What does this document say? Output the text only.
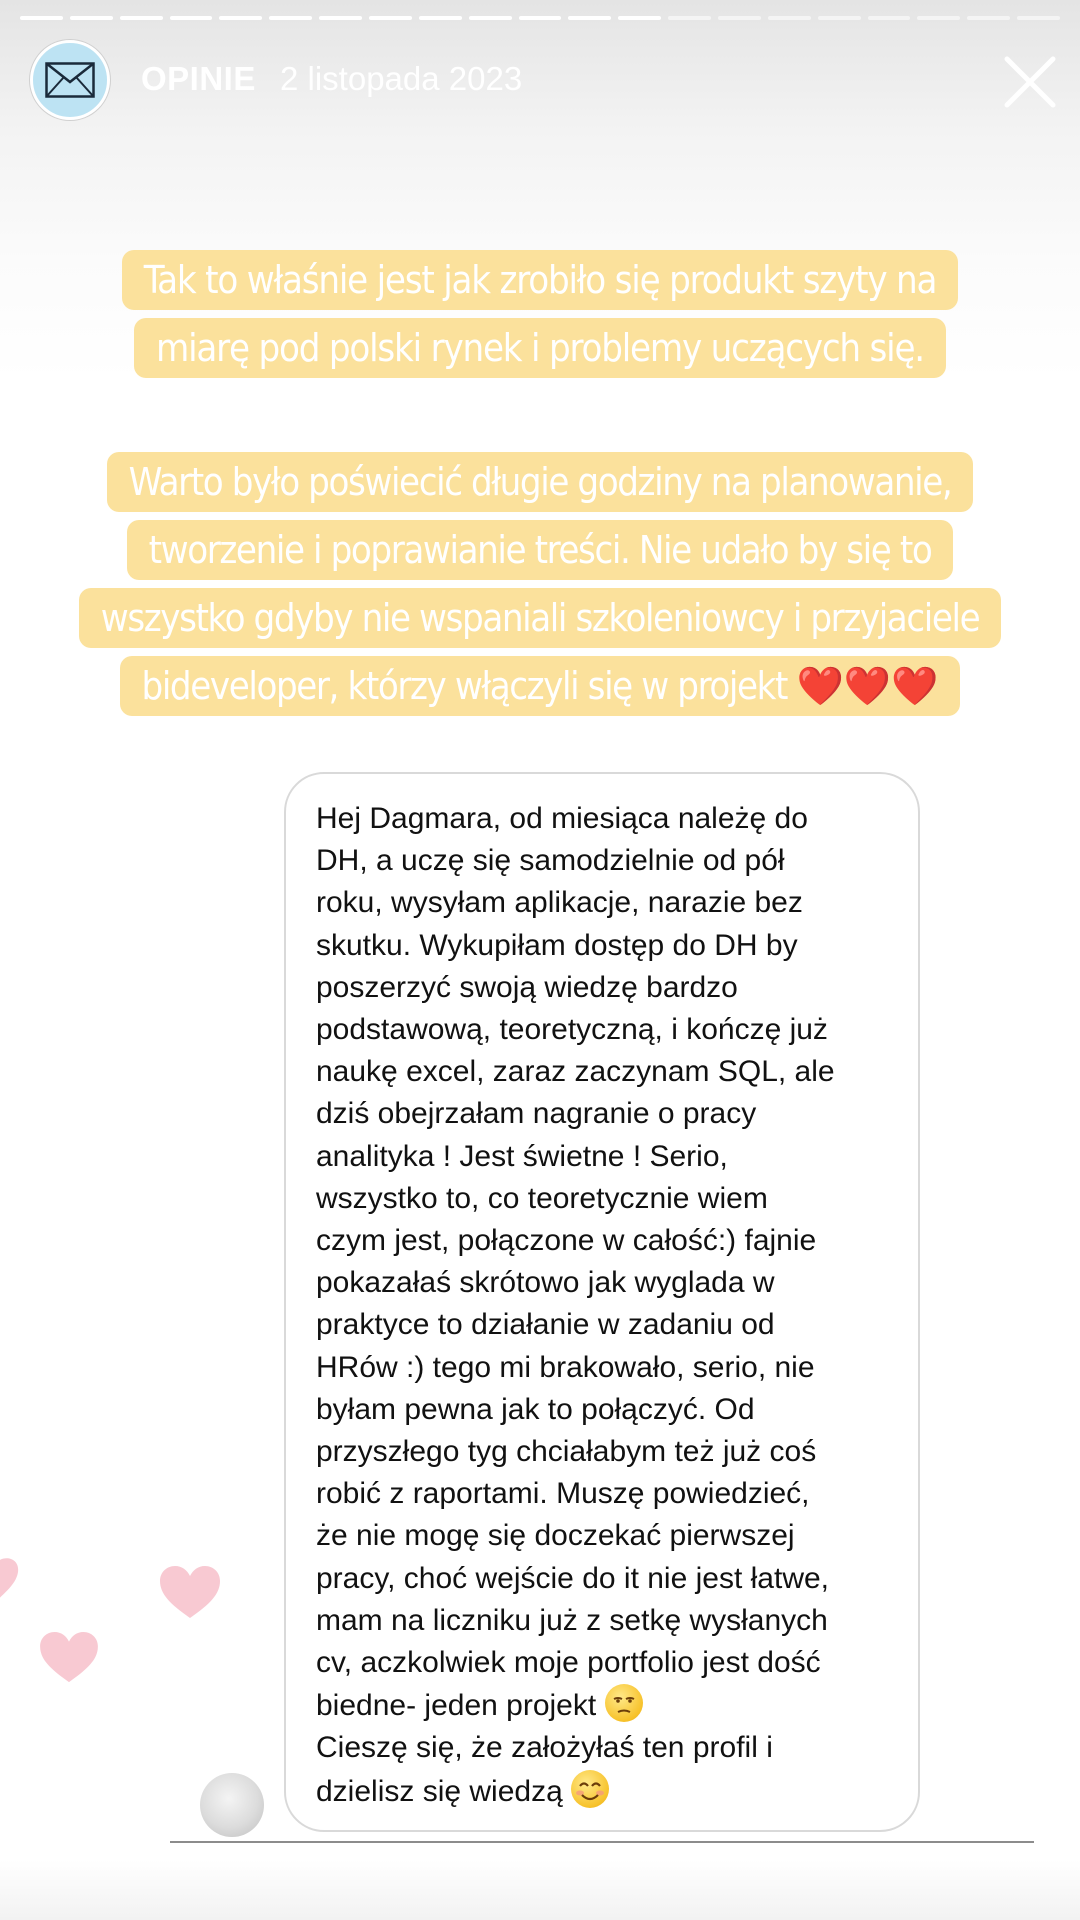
OPINIE 2 listopada 2023
Tak to właśnie jest jak zrobiło się produkt szyty na
miarę pod polski rynek i problemy uczących się.
Warto było poświecić długie godziny na planowanie,
tworzenie i poprawianie treści. Nie udało by się to
wszystko gdyby nie wspaniali szkoleniowcy i przyjaciele
bideveloper, którzy włączyli się w projekt ❤️❤️❤️

Hej Dagmara, od miesiąca należę do
DH, a uczę się samodzielnie od pół
roku, wysyłam aplikacje, narazie bez
skutku. Wykupiłam dostęp do DH by
poszerzyć swoją wiedzę bardzo
podstawową, teoretyczną, i kończę już
naukę excel, zaraz zaczynam SQL, ale
dziś obejrzałam nagranie o pracy
analityka ! Jest świetne ! Serio,
wszystko to, co teoretycznie wiem
czym jest, połączone w całość:) fajnie
pokazałaś skrótowo jak wyglada w
praktyce to działanie w zadaniu od
HRów :) tego mi brakowało, serio, nie
byłam pewna jak to połączyć. Od
przyszłego tyg chciałabym też już coś
robić z raportami. Muszę powiedzieć,
że nie mogę się doczekać pierwszej
pracy, choć wejście do it nie jest łatwe,
mam na liczniku już z setkę wysłanych
cv, aczkolwiek moje portfolio jest dość
biedne- jeden projekt
Cieszę się, że założyłaś ten profil i
dzielisz się wiedzą
